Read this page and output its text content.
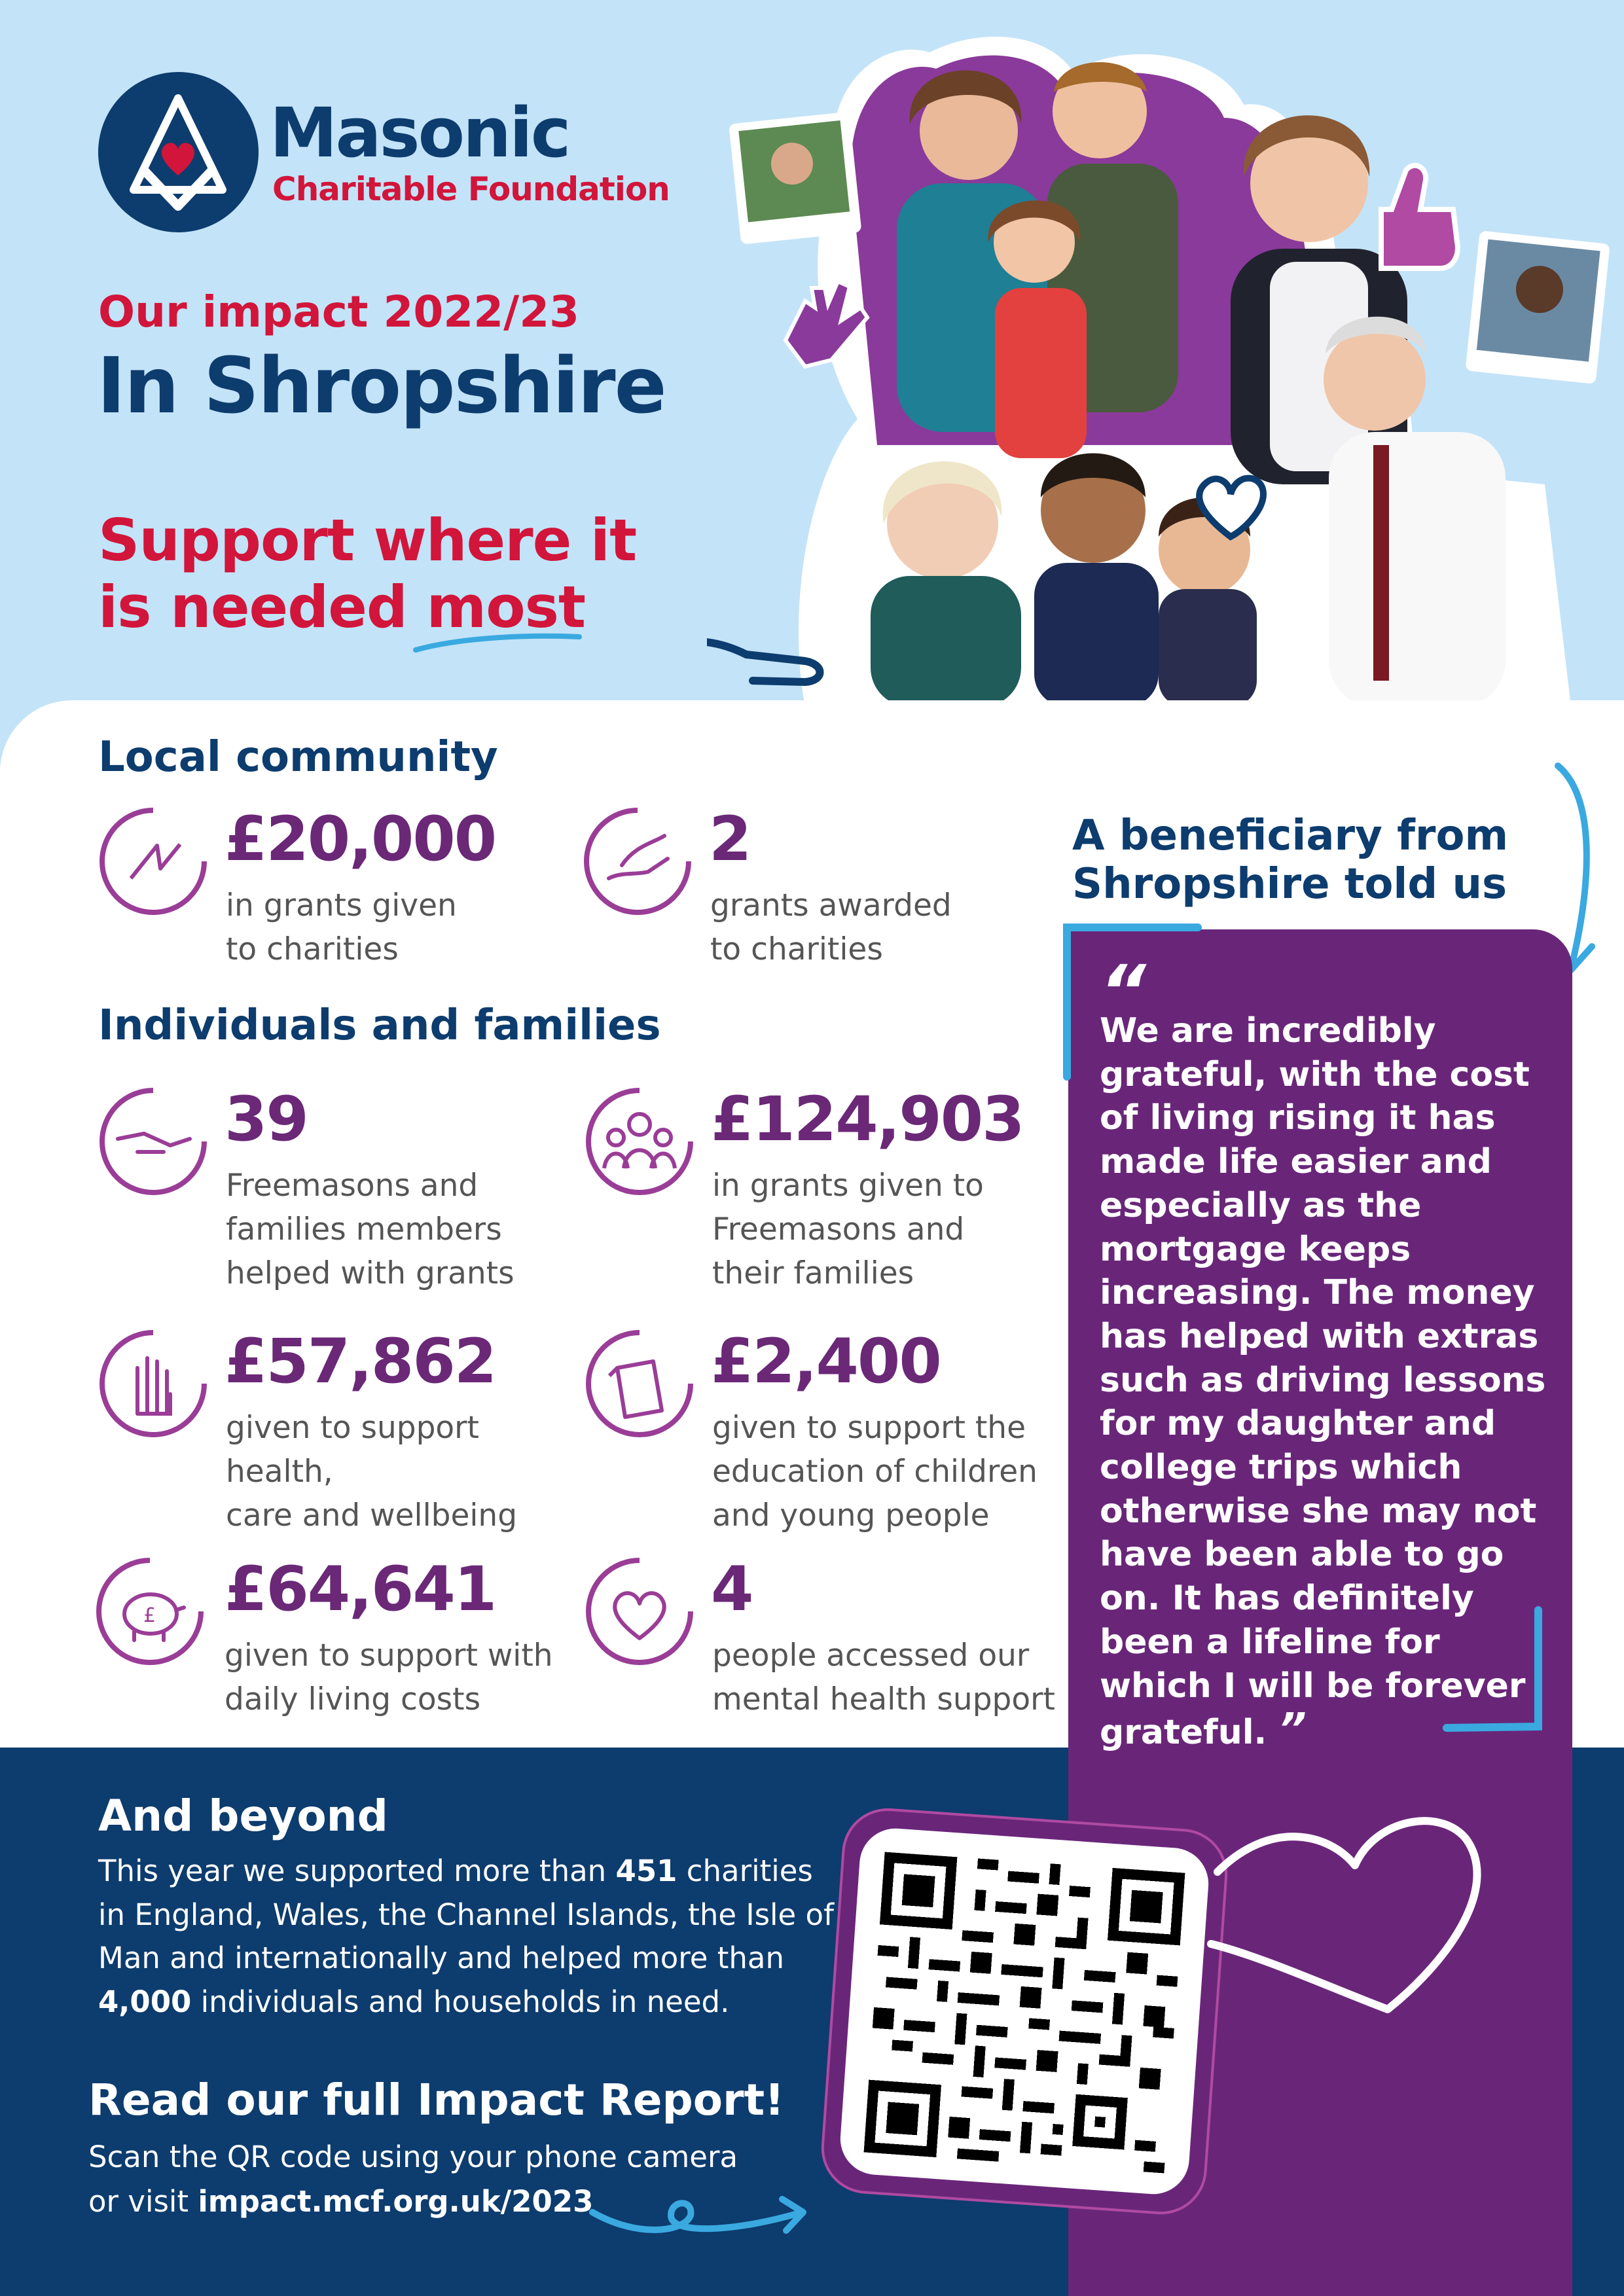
Masonic
Charitable Foundation
Our impact 2022/23
In Shropshire
Support where it
is needed most
Local community
£20,000
in grants given
to charities
2
grants awarded
to charities
Individuals and families
39
Freemasons and
families members
helped with grants
£124,903
in grants given to
Freemasons and
their families
£57,862
given to support health,
care and wellbeing
£2,400
given to support the
education of children
and young people
£ £64,641
given to support with
daily living costs
4
people accessed our
mental health support
A beneficiary from
Shropshire told us
“
We are incredibly grateful, with the cost of living rising it has made life easier and especially as the mortgage keeps increasing. The money has helped with extras such as driving lessons for my daughter and college trips which otherwise she may not have been able to go on. It has definitely been a lifeline for which I will be forever grateful. ”
And beyond
This year we supported more than 451 charities in England, Wales, the Channel Islands, the Isle of Man and internationally and helped more than 4,000 individuals and households in need.
Read our full Impact Report!
Scan the QR code using your phone camera
or visit impact.mcf.org.uk/2023
